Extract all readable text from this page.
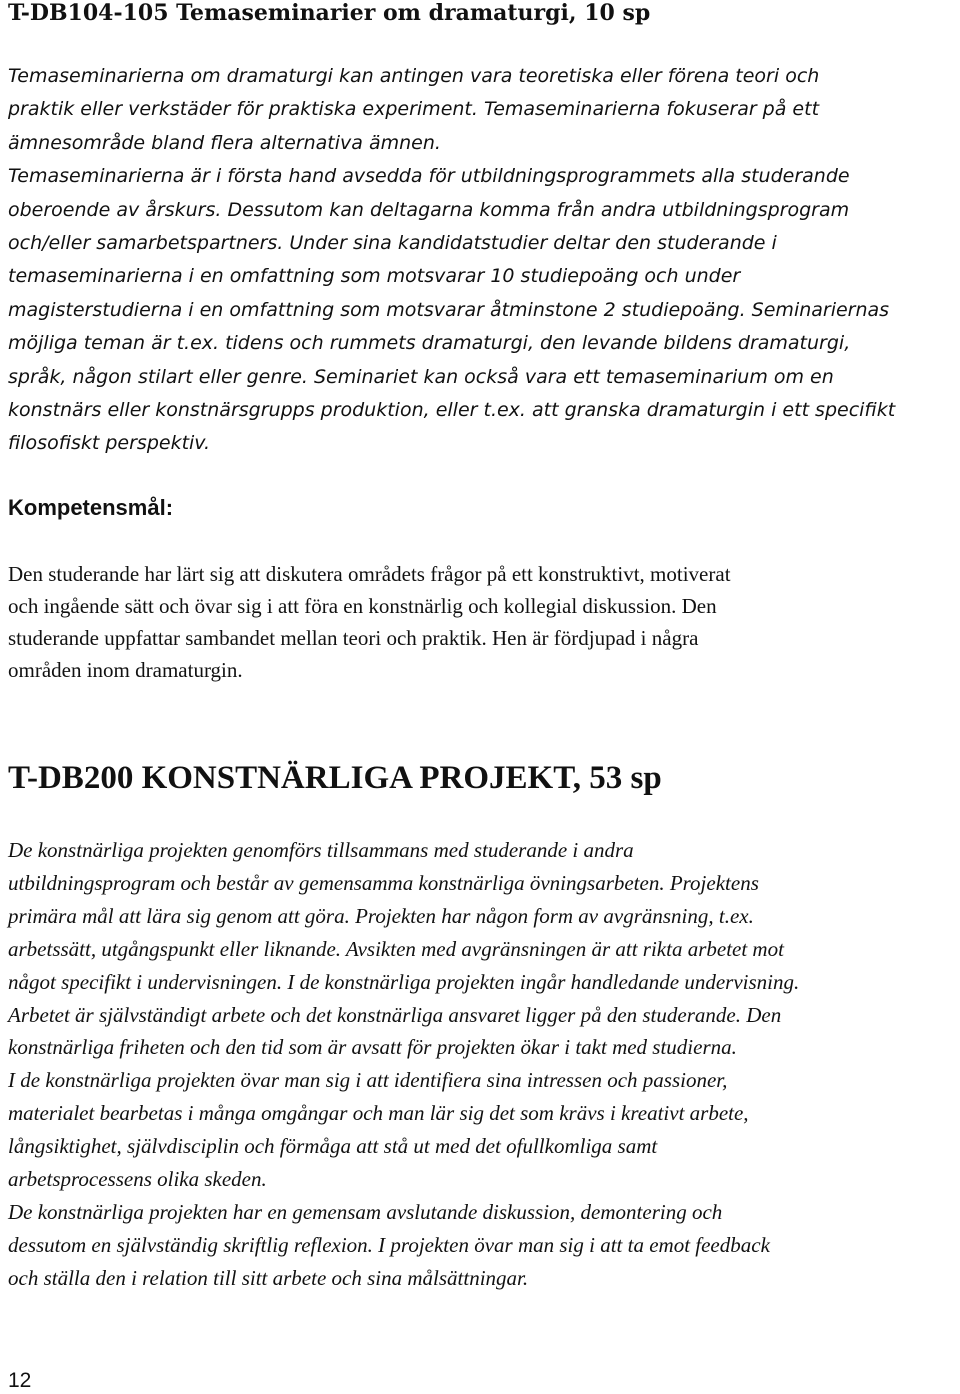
T-DB104-105 Temaseminarier om dramaturgi, 10 sp

Temaseminarierna om dramaturgi kan antingen vara teoretiska eller förena teori och
praktik eller verkstäder för praktiska experiment. Temaseminarierna fokuserar på ett
ämnesområde bland flera alternativa ämnen.
Temaseminarierna är i första hand avsedda för utbildningsprogrammets alla studerande
oberoende av årskurs. Dessutom kan deltagarna komma från andra utbildningsprogram
och/eller samarbetspartners. Under sina kandidatstudier deltar den studerande i
temaseminarierna i en omfattning som motsvarar 10 studiepoäng och under
magisterstudierna i en omfattning som motsvarar åtminstone 2 studiepoäng. Seminariernas
möjliga teman är t.ex. tidens och rummets dramaturgi, den levande bildens dramaturgi,
språk, någon stilart eller genre. Seminariet kan också vara ett temaseminarium om en
konstnärs eller konstnärsgrupps produktion, eller t.ex. att granska dramaturgin i ett specifikt
filosofiskt perspektiv.

Kompetensmål:

Den studerande har lärt sig att diskutera områdets frågor på ett konstruktivt, motiverat
och ingående sätt och övar sig i att föra en konstnärlig och kollegial diskussion. Den
studerande uppfattar sambandet mellan teori och praktik. Hen är fördjupad i några
områden inom dramaturgin.

T-DB200 KONSTNÄRLIGA PROJEKT, 53 sp

De konstnärliga projekten genomförs tillsammans med studerande i andra
utbildningsprogram och består av gemensamma konstnärliga övningsarbeten. Projektens
primära mål att lära sig genom att göra. Projekten har någon form av avgränsning, t.ex.
arbetssätt, utgångspunkt eller liknande. Avsikten med avgränsningen är att rikta arbetet mot
något specifikt i undervisningen. I de konstnärliga projekten ingår handledande undervisning.
Arbetet är självständigt arbete och det konstnärliga ansvaret ligger på den studerande. Den
konstnärliga friheten och den tid som är avsatt för projekten ökar i takt med studierna.
I de konstnärliga projekten övar man sig i att identifiera sina intressen och passioner,
materialet bearbetas i många omgångar och man lär sig det som krävs i kreativt arbete,
långsiktighet, självdisciplin och förmåga att stå ut med det ofullkomliga samt
arbetsprocessens olika skeden.
De konstnärliga projekten har en gemensam avslutande diskussion, demontering och
dessutom en självständig skriftlig reflexion. I projekten övar man sig i att ta emot feedback
och ställa den i relation till sitt arbete och sina målsättningar.

12
